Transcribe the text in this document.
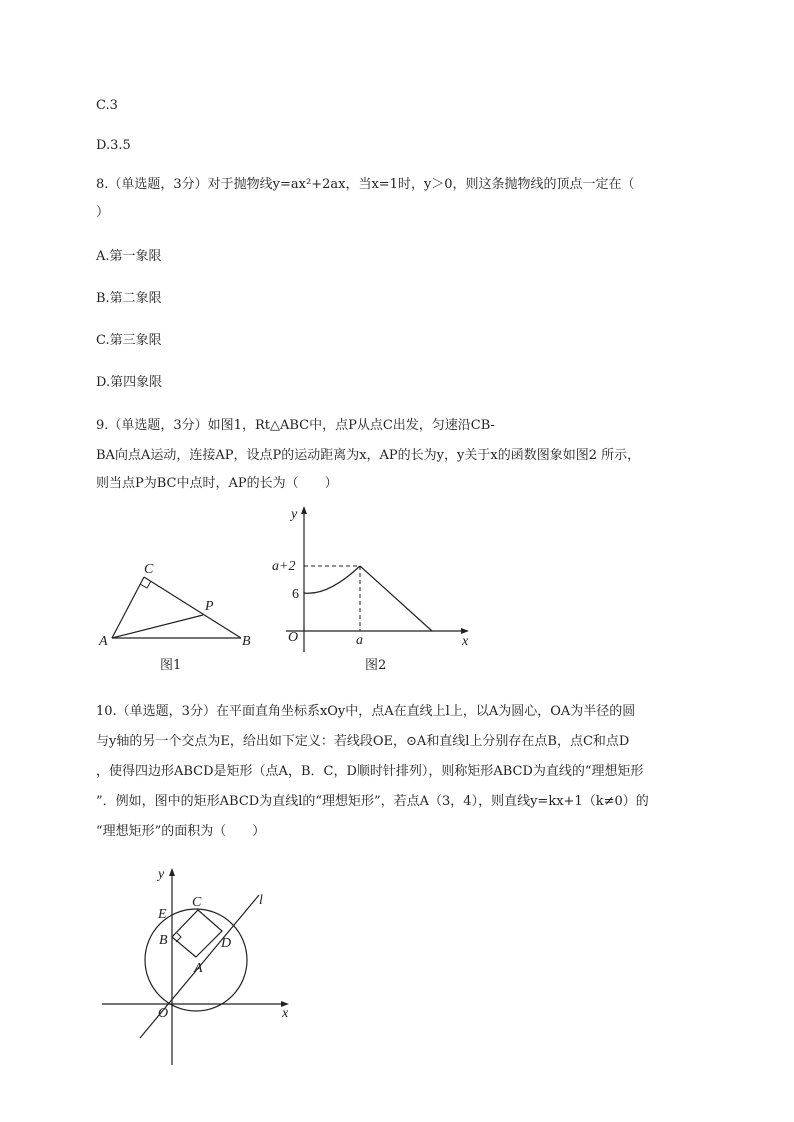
C.3
D.3.5
8.（单选题，3分）对于抛物线y=ax²+2ax，当x=1时，y＞0，则这条抛物线的顶点一定在（
）
A.第一象限
B.第二象限
C.第三象限
D.第四象限
9.（单选题，3分）如图1，Rt△ABC中，点P从点C出发，匀速沿CB-
BA向点A运动，连接AP，设点P的运动距离为x，AP的长为y，y关于x的函数图象如图2 所示，
则当点P为BC中点时，AP的长为（　　）
C
P
A	B
图1
y
x
O	a
6
a+2
图2
10.（单选题，3分）在平面直角坐标系xOy中，点A在直线上l上，以A为圆心，OA为半径的圆
与y轴的另一个交点为E，给出如下定义：若线段OE，⊙A和直线l上分别存在点B，点C和点D
，使得四边形ABCD是矩形（点A，B．C，D顺时针排列），则称矩形ABCD为直线的“理想矩形
”．例如，图中的矩形ABCD为直线l的“理想矩形”，若点A（3，4），则直线y=kx+1（k≠0）的
“理想矩形”的面积为（　　）
y
x
O
E
B
C
D
A
l
